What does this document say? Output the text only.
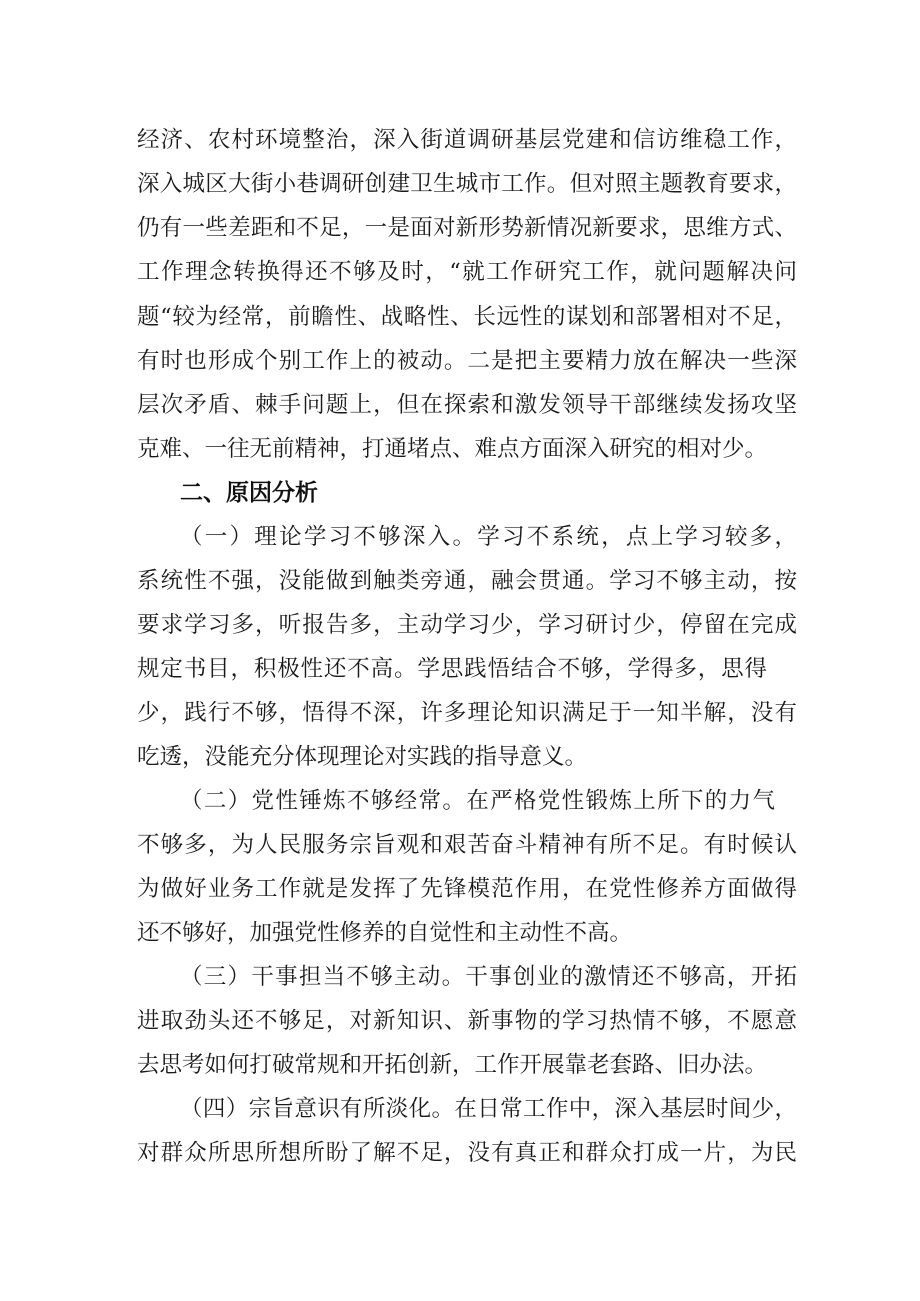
经济、农村环境整治，深入街道调研基层党建和信访维稳工作，
深入城区大街小巷调研创建卫生城市工作。但对照主题教育要求，
仍有一些差距和不足，一是面对新形势新情况新要求，思维方式、
工作理念转换得还不够及时，“就工作研究工作，就问题解决问
题“较为经常，前瞻性、战略性、长远性的谋划和部署相对不足，
有时也形成个别工作上的被动。二是把主要精力放在解决一些深
层次矛盾、棘手问题上，但在探索和激发领导干部继续发扬攻坚
克难、一往无前精神，打通堵点、难点方面深入研究的相对少。
二、原因分析
（一）理论学习不够深入。学习不系统，点上学习较多，
系统性不强，没能做到触类旁通，融会贯通。学习不够主动，按
要求学习多，听报告多，主动学习少，学习研讨少，停留在完成
规定书目，积极性还不高。学思践悟结合不够，学得多，思得
少，践行不够，悟得不深，许多理论知识满足于一知半解，没有
吃透，没能充分体现理论对实践的指导意义。
（二）党性锤炼不够经常。在严格党性锻炼上所下的力气
不够多，为人民服务宗旨观和艰苦奋斗精神有所不足。有时候认
为做好业务工作就是发挥了先锋模范作用，在党性修养方面做得
还不够好，加强党性修养的自觉性和主动性不高。
（三）干事担当不够主动。干事创业的激情还不够高，开拓
进取劲头还不够足，对新知识、新事物的学习热情不够，不愿意
去思考如何打破常规和开拓创新，工作开展靠老套路、旧办法。
（四）宗旨意识有所淡化。在日常工作中，深入基层时间少，
对群众所思所想所盼了解不足，没有真正和群众打成一片，为民
